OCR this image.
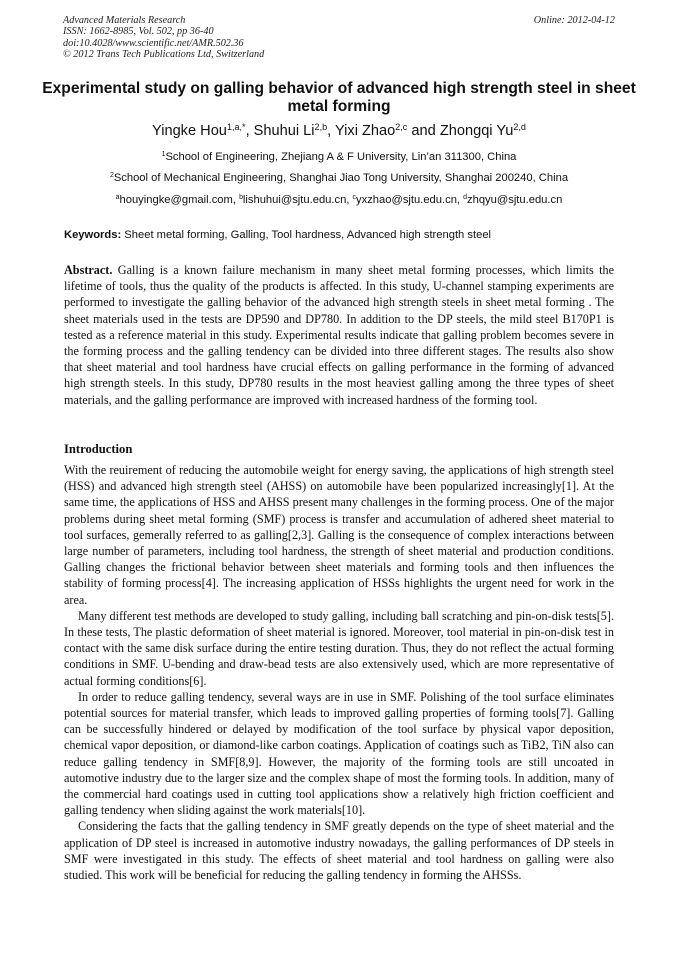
Advanced Materials Research
ISSN: 1662-8985, Vol. 502, pp 36-40
doi:10.4028/www.scientific.net/AMR.502.36
© 2012 Trans Tech Publications Ltd, Switzerland
Online: 2012-04-12
Experimental study on galling behavior of advanced high strength steel in sheet metal forming
Yingke Hou$^{1,a,*}$, Shuhui Li$^{2,b}$, Yixi Zhao$^{2,c}$ and Zhongqi Yu$^{2,d}$
$^1$School of Engineering, Zhejiang A & F University, Lin’an 311300, China
$^2$School of Mechanical Engineering, Shanghai Jiao Tong University, Shanghai 200240, China
$^a$houyingke@gmail.com, $^b$lishuhui@sjtu.edu.cn, $^c$yxzhao@sjtu.edu.cn, $^d$zhqyu@sjtu.edu.cn
Keywords: Sheet metal forming, Galling, Tool hardness, Advanced high strength steel

Abstract. Galling is a known failure mechanism in many sheet metal forming processes, which limits the lifetime of tools, thus the quality of the products is affected. In this study, U-channel stamping experiments are performed to investigate the galling behavior of the advanced high strength steels in sheet metal forming . The sheet materials used in the tests are DP590 and DP780. In addition to the DP steels, the mild steel B170P1 is tested as a reference material in this study. Experimental results indicate that galling problem becomes severe in the forming process and the galling tendency can be divided into three different stages. The results also show that sheet material and tool hardness have crucial effects on galling performance in the forming of advanced high strength steels. In this study, DP780 results in the most heaviest galling among the three types of sheet materials, and the galling performance are improved with increased hardness of the forming tool.

Introduction

With the reuirement of reducing the automobile weight for energy saving, the applications of high strength steel (HSS) and advanced high strength steel (AHSS) on automobile have been popularized increasingly[1]. At the same time, the applications of HSS and AHSS present many challenges in the forming process. One of the major problems during sheet metal forming (SMF) process is transfer and accumulation of adhered sheet material to tool surfaces, gemerally referred to as galling[2,3]. Galling is the consequence of complex interactions between large number of parameters, including tool hardness, the strength of sheet material and production conditions. Galling changes the frictional behavior between sheet materials and forming tools and then influences the stability of forming process[4]. The increasing application of HSSs highlights the urgent need for work in the area.

Many different test methods are developed to study galling, including ball scratching and pin-on-disk tests[5]. In these tests, The plastic deformation of sheet material is ignored. Moreover, tool material in pin-on-disk test in contact with the same disk surface during the entire testing duration. Thus, they do not reflect the actual forming conditions in SMF. U-bending and draw-bead tests are also extensively used, which are more representative of actual forming conditions[6].

In order to reduce galling tendency, several ways are in use in SMF. Polishing of the tool surface eliminates potential sources for material transfer, which leads to improved galling properties of forming tools[7]. Galling can be successfully hindered or delayed by modification of the tool surface by physical vapor deposition, chemical vapor deposition, or diamond-like carbon coatings. Application of coatings such as TiB2, TiN also can reduce galling tendency in SMF[8,9]. However, the majority of the forming tools are still uncoated in automotive industry due to the larger size and the complex shape of most the forming tools. In addition, many of the commercial hard coatings used in cutting tool applications show a relatively high friction coefficient and galling tendency when sliding against the work materials[10].

Considering the facts that the galling tendency in SMF greatly depends on the type of sheet material and the application of DP steel is increased in automotive industry nowadays, the galling performances of DP steels in SMF were investigated in this study. The effects of sheet material and tool hardness on galling were also studied. This work will be beneficial for reducing the galling tendency in forming the AHSSs.
